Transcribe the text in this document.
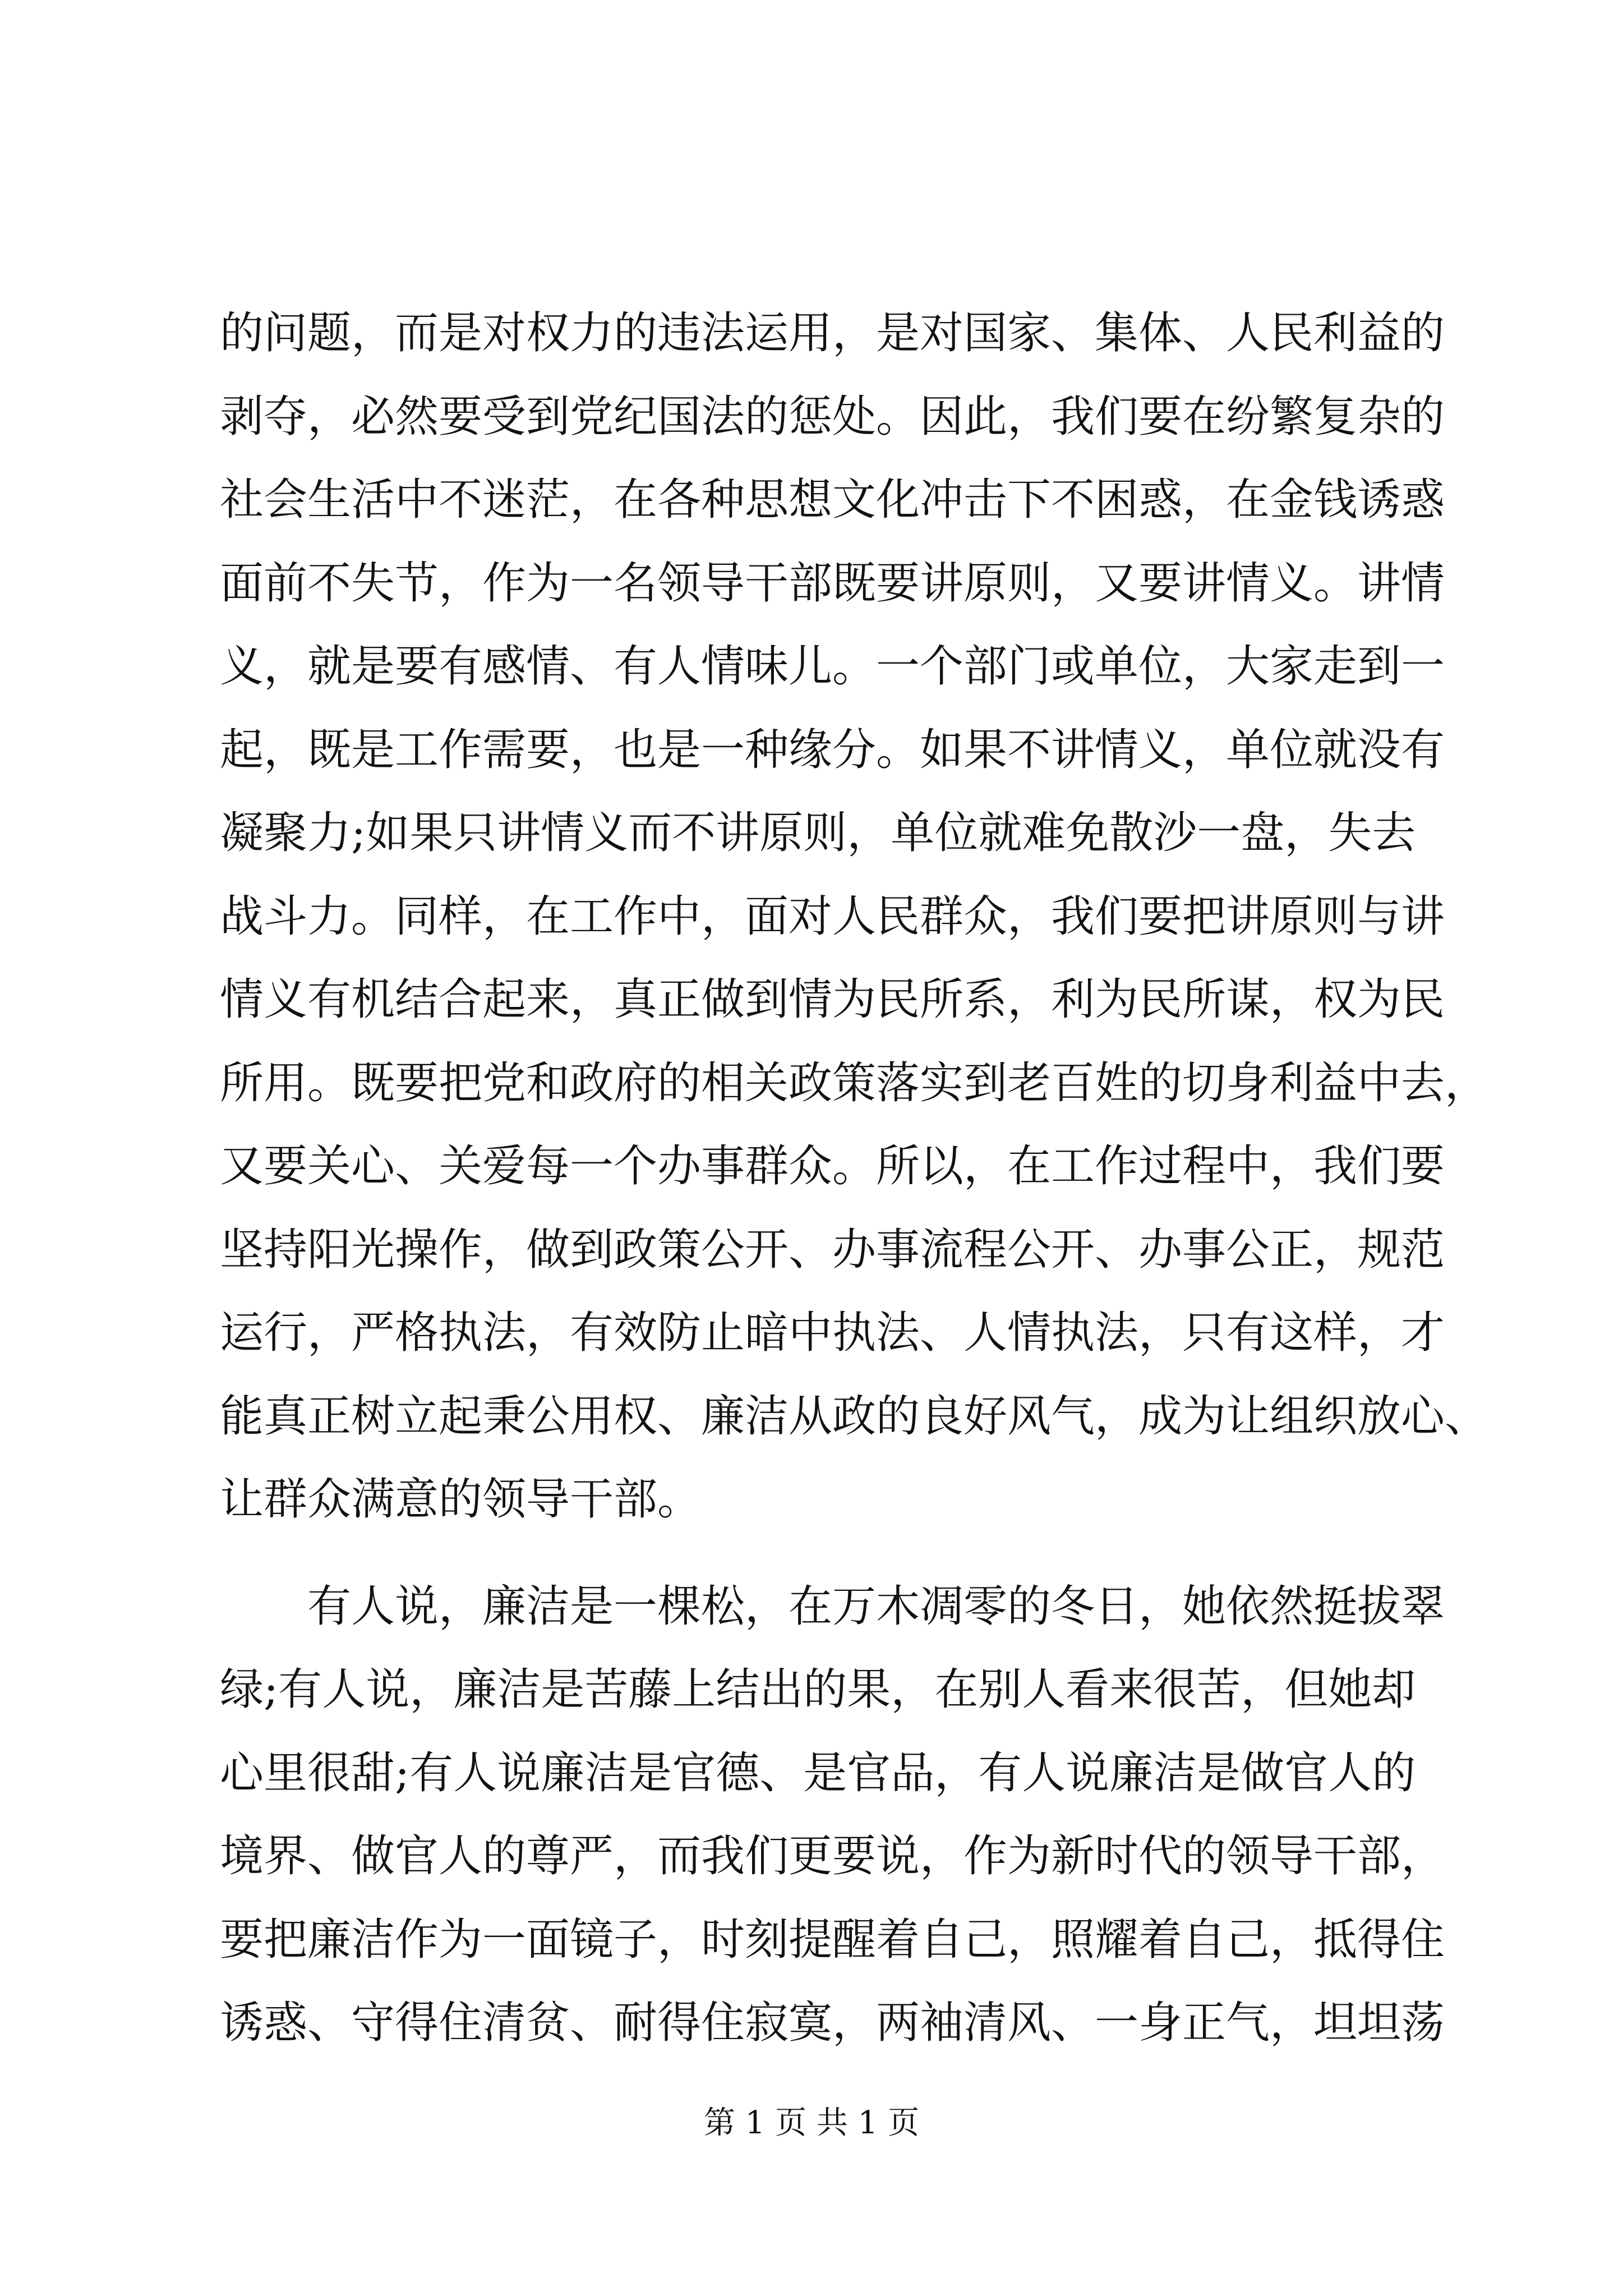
的问题，而是对权力的违法运用，是对国家、集体、人民利益的
剥夺，必然要受到党纪国法的惩处。因此，我们要在纷繁复杂的
社会生活中不迷茫，在各种思想文化冲击下不困惑，在金钱诱惑
面前不失节，作为一名领导干部既要讲原则，又要讲情义。讲情
义，就是要有感情、有人情味儿。一个部门或单位，大家走到一
起，既是工作需要，也是一种缘分。如果不讲情义，单位就没有
凝聚力;如果只讲情义而不讲原则，单位就难免散沙一盘，失去
战斗力。同样，在工作中，面对人民群众，我们要把讲原则与讲
情义有机结合起来，真正做到情为民所系，利为民所谋，权为民
所用。既要把党和政府的相关政策落实到老百姓的切身利益中去，
又要关心、关爱每一个办事群众。所以，在工作过程中，我们要
坚持阳光操作，做到政策公开、办事流程公开、办事公正，规范
运行，严格执法，有效防止暗中执法、人情执法，只有这样，才
能真正树立起秉公用权、廉洁从政的良好风气，成为让组织放心、
让群众满意的领导干部。
有人说，廉洁是一棵松，在万木凋零的冬日，她依然挺拔翠
绿;有人说，廉洁是苦藤上结出的果，在别人看来很苦，但她却
心里很甜;有人说廉洁是官德、是官品，有人说廉洁是做官人的
境界、做官人的尊严，而我们更要说，作为新时代的领导干部，
要把廉洁作为一面镜子，时刻提醒着自己，照耀着自己，抵得住
诱惑、守得住清贫、耐得住寂寞，两袖清风、一身正气，坦坦荡
第 1 页 共 1 页
